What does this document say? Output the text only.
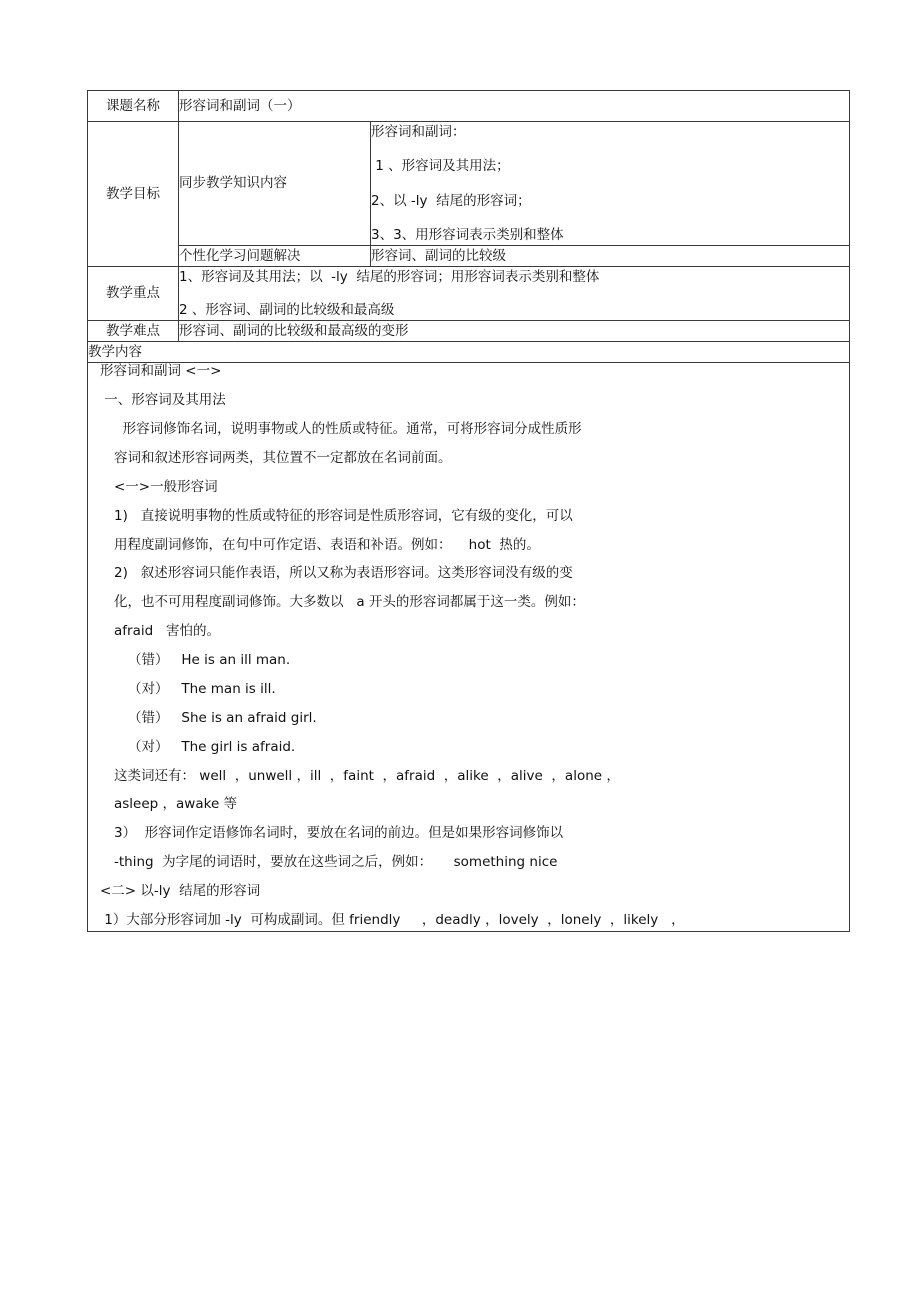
课题名称	形容词和副词（一）	
教学目标	同步教学知识内容	形容词和副词：
1 、形容词及其用法；
2、以 -ly  结尾的形容词；
3、3、用形容词表示类别和整体

	个性化学习问题解决	形容词、副词的比较级
教学重点	1、形容词及其用法；以  -ly  结尾的形容词；用形容词表示类别和整体
2 、形容词、副词的比较级和最高级	

教学难点	形容词、副词的比较级和最高级的变形	
教学内容		

形容词和副词 <一>

一、形容词及其用法

形容词修饰名词，说明事物或人的性质或特征。通常，可将形容词分成性质形

容词和叙述形容词两类，其位置不一定都放在名词前面。

<一>一般形容词

1)   直接说明事物的性质或特征的形容词是性质形容词，它有级的变化，可以

用程度副词修饰，在句中可作定语、表语和补语。例如：    hot  热的。

2)   叙述形容词只能作表语，所以又称为表语形容词。这类形容词没有级的变

化，也不可用程度副词修饰。大多数以   a 开头的形容词都属于这一类。例如：

afraid   害怕的。

（错）   He is an ill man.

（对）   The man is ill.

（错）   She is an afraid girl.

（对）   The girl is afraid.

这类词还有： well  ，unwell ，ill  ，faint  ，afraid  ，alike  ，alive  ，alone ，

asleep ，awake 等

3）  形容词作定语修饰名词时，要放在名词的前边。但是如果形容词修饰以

-thing  为字尾的词语时，要放在这些词之后，例如：     something nice

<二> 以-ly  结尾的形容词

1）大部分形容词加 -ly  可构成副词。但 friendly     ，deadly ，lovely  ，lonely  ，likely   ，
